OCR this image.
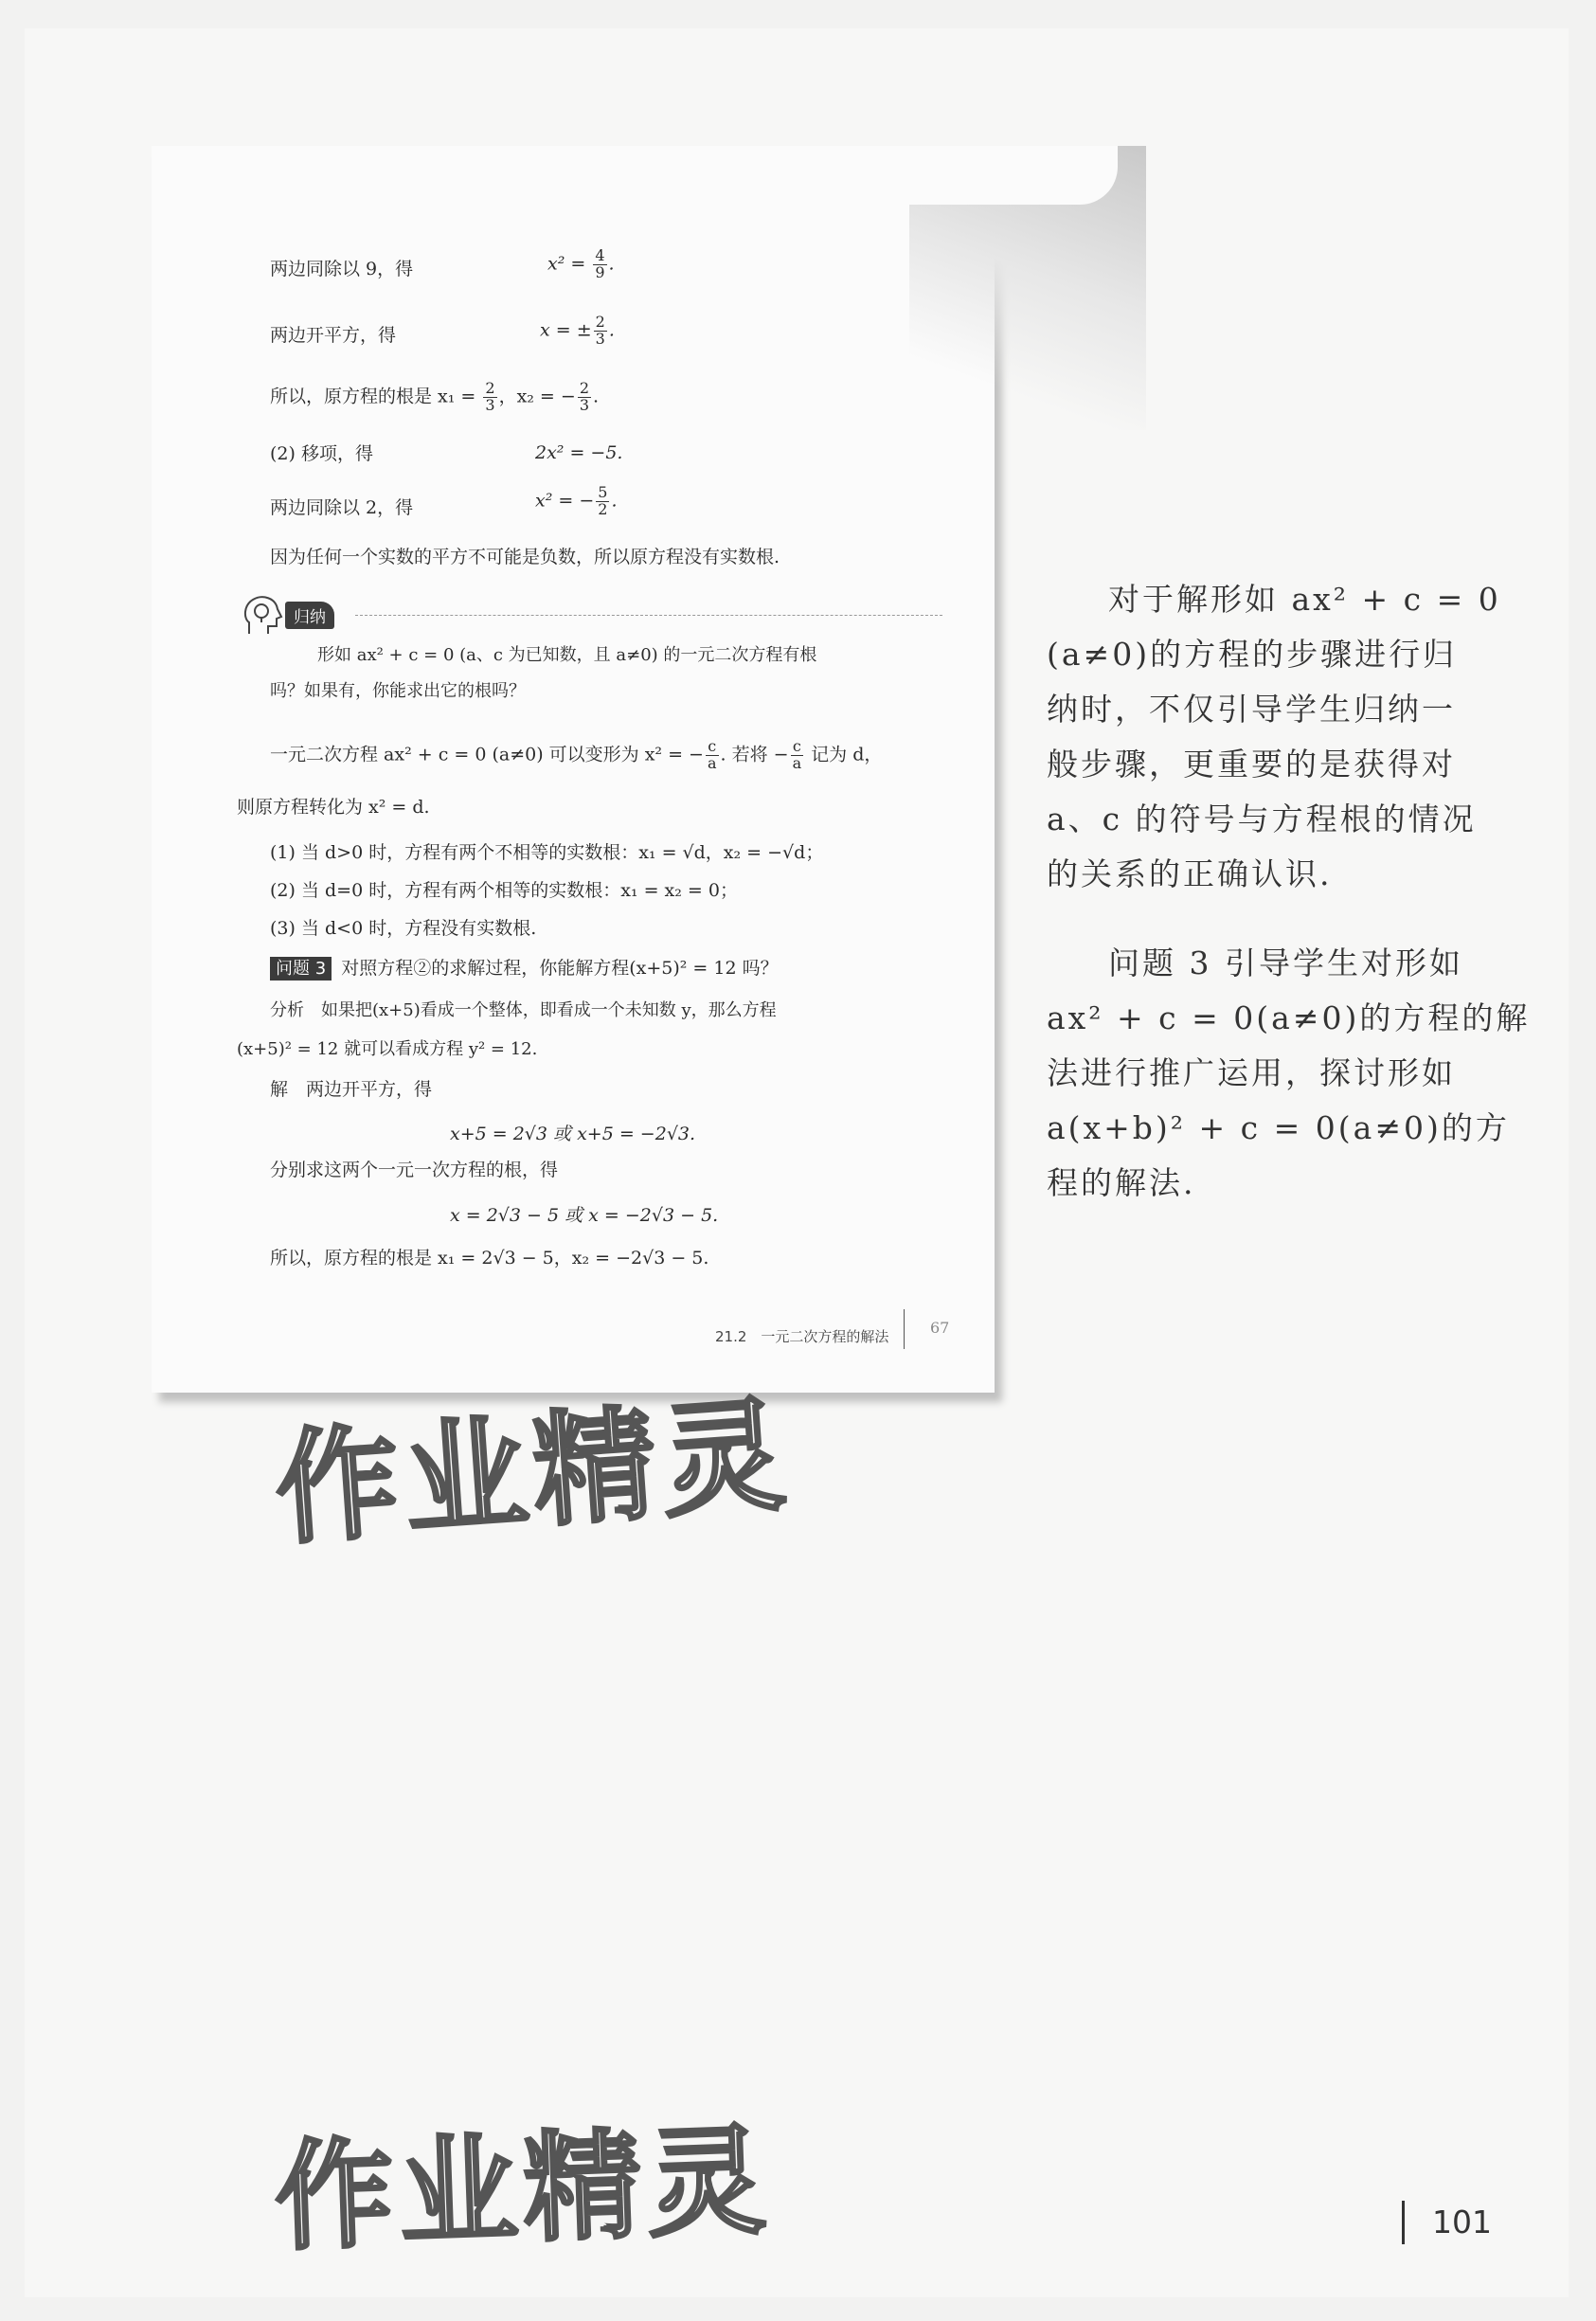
两边同除以 9，得	$x^2 = \frac{4}{9}$ .
两边开平方，得	x = ± $\frac{2}{3}$ .
所以，原方程的根是 $x_1 = \frac{2}{3}$ ，x₂ = − $\frac{2}{3}$ .
(2) 移项，得	2x² = −5.
两边同除以 2，得	x² = − $\frac{5}{2}$ .
因为任何一个实数的平方不可能是负数，所以原方程没有实数根.
归纳
形如 ax² + c = 0 (a、c 为已知数，且 a≠0) 的一元二次方程有根
吗？如果有，你能求出它的根吗？
一元二次方程 ax² + c = 0 (a≠0) 可以变形为 x² = − $\frac{c}{a}$ . 若将 − $\frac{c}{a}$ 记为 d，
则原方程转化为 x² = d.
(1) 当 d>0 时，方程有两个不相等的实数根：x₁ = √d，x₂ = −√d；
(2) 当 d=0 时，方程有两个相等的实数根：x₁ = x₂ = 0；
(3) 当 d<0 时，方程没有实数根.
问题 3 对照方程②的求解过程，你能解方程(x+5)² = 12 吗？
分析　如果把(x+5)看成一个整体，即看成一个未知数 y，那么方程
(x+5)² = 12 就可以看成方程 y² = 12.
解　两边开平方，得
x+5 = 2√3 或 x+5 = −2√3.
分别求这两个一元一次方程的根，得
x = 2√3 − 5 或 x = −2√3 − 5.
所以，原方程的根是 x₁ = 2√3 − 5，x₂ = −2√3 − 5.
21.2　一元二次方程的解法	67
作业精灵
作业精灵
对于解形如 ax² + c = 0
(a≠0)的方程的步骤进行归
纳时，不仅引导学生归纳一
般步骤，更重要的是获得对
a、c 的符号与方程根的情况
的关系的正确认识.
问题 3 引导学生对形如
ax² + c = 0(a≠0)的方程的解
法进行推广运用，探讨形如
a(x+b)² + c = 0(a≠0)的方
程的解法.
101
